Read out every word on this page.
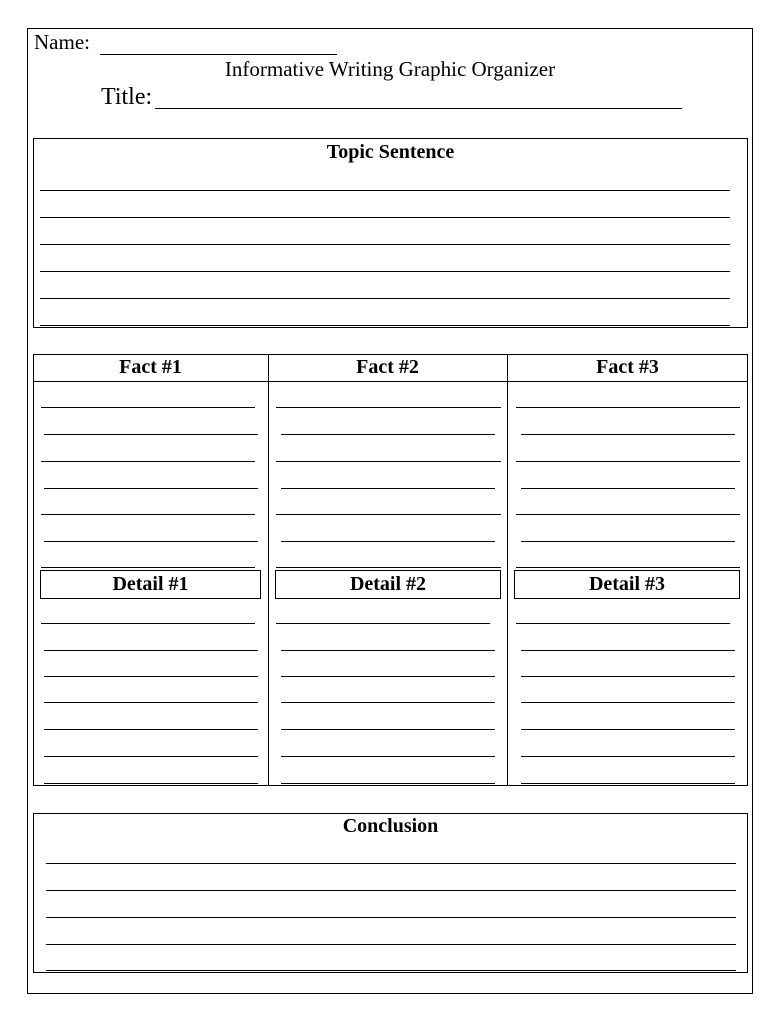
Name:
Informative Writing Graphic Organizer
Title:
Topic Sentence
Fact #1	Fact #2	Fact #3
Detail #1	Detail #2	Detail #3
Conclusion
